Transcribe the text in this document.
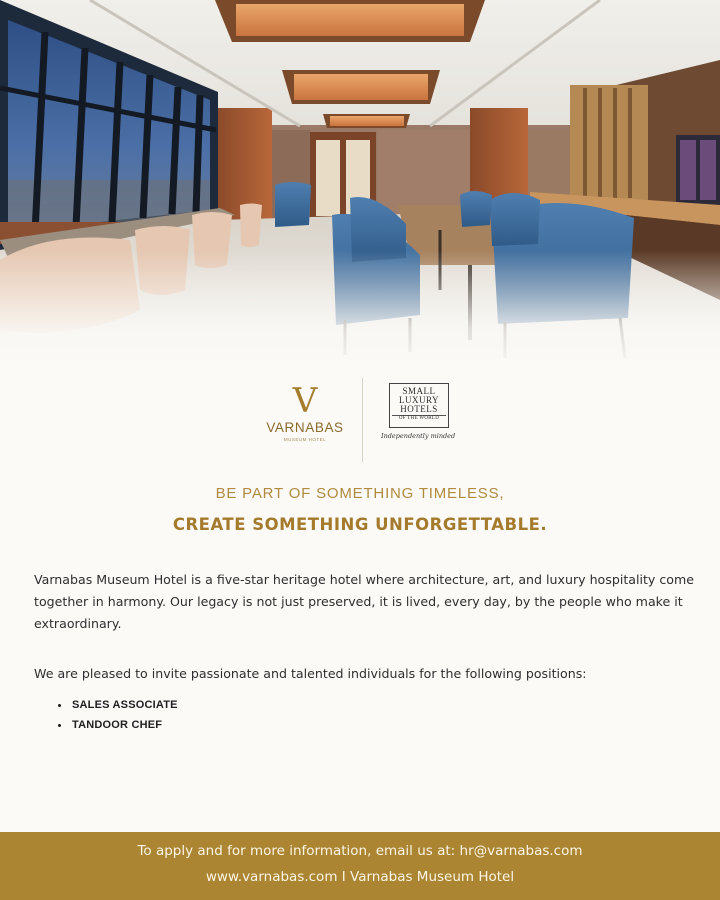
V
VARNABAS
MUSEUM HOTEL
SMALL
LUXURY
HOTELS
OF THE WORLD
Independently minded
BE PART OF SOMETHING TIMELESS,
CREATE SOMETHING UNFORGETTABLE.

Varnabas Museum Hotel is a five-star heritage hotel where architecture, art, and luxury hospitality come together in harmony. Our legacy is not just preserved, it is lived, every day, by the people who make it extraordinary.

We are pleased to invite passionate and talented individuals for the following positions:

SALES ASSOCIATE
TANDOOR CHEF
To apply and for more information, email us at: hr@varnabas.com
www.varnabas.com I Varnabas Museum Hotel
